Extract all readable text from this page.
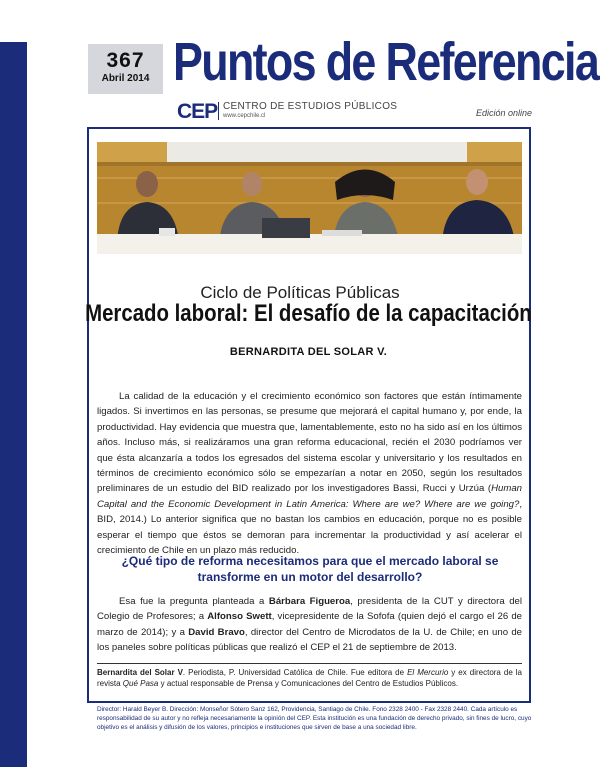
367
Abril 2014 Puntos de Referencia
CEP CENTRO DE ESTUDIOS PÚBLICOS
www.cepchile.cl	Edición online
Ciclo de Políticas Públicas
Mercado laboral: El desafío de la capacitación
BERNARDITA DEL SOLAR V.
La calidad de la educación y el crecimiento económico son factores que están íntimamente ligados. Si invertimos en las personas, se presume que mejorará el capital humano y, por ende, la productividad. Hay evidencia que muestra que, lamentablemente, esto no ha sido así en los últimos años. Incluso más, si realizáramos una gran reforma educacional, recién el 2030 podríamos ver que ésta alcanzaría a todos los egresados del sistema escolar y universitario y los resultados en términos de crecimiento económico sólo se empezarían a notar en 2050, según los resultados preliminares de un estudio del BID realizado por los investigadores Bassi, Rucci y Urzúa (Human Capital and the Economic Development in Latin America: Where are we? Where are we going?, BID, 2014.) Lo anterior significa que no bastan los cambios en educación, porque no es posible esperar el tiempo que éstos se demoran para incrementar la productividad y así acelerar el crecimiento de Chile en un plazo más reducido.
¿Qué tipo de reforma necesitamos para que el mercado laboral se transforme en un motor del desarrollo?
Esa fue la pregunta planteada a Bárbara Figueroa, presidenta de la CUT y directora del Colegio de Profesores; a Alfonso Swett, vicepresidente de la Sofofa (quien dejó el cargo el 26 de marzo de 2014); y a David Bravo, director del Centro de Microdatos de la U. de Chile; en uno de los paneles sobre políticas públicas que realizó el CEP el 21 de septiembre de 2013.
Bernardita del Solar V. Periodista, P. Universidad Católica de Chile. Fue editora de El Mercurio y ex directora de la revista Qué Pasa y actual responsable de Prensa y Comunicaciones del Centro de Estudios Públicos.
Director: Harald Beyer B. Dirección: Monseñor Sótero Sanz 162, Providencia, Santiago de Chile. Fono 2328 2400 - Fax 2328 2440. Cada artículo es responsabilidad de su autor y no refleja necesariamente la opinión del CEP. Esta institución es una fundación de derecho privado, sin fines de lucro, cuyo objetivo es el análisis y difusión de los valores, principios e instituciones que sirven de base a una sociedad libre.
